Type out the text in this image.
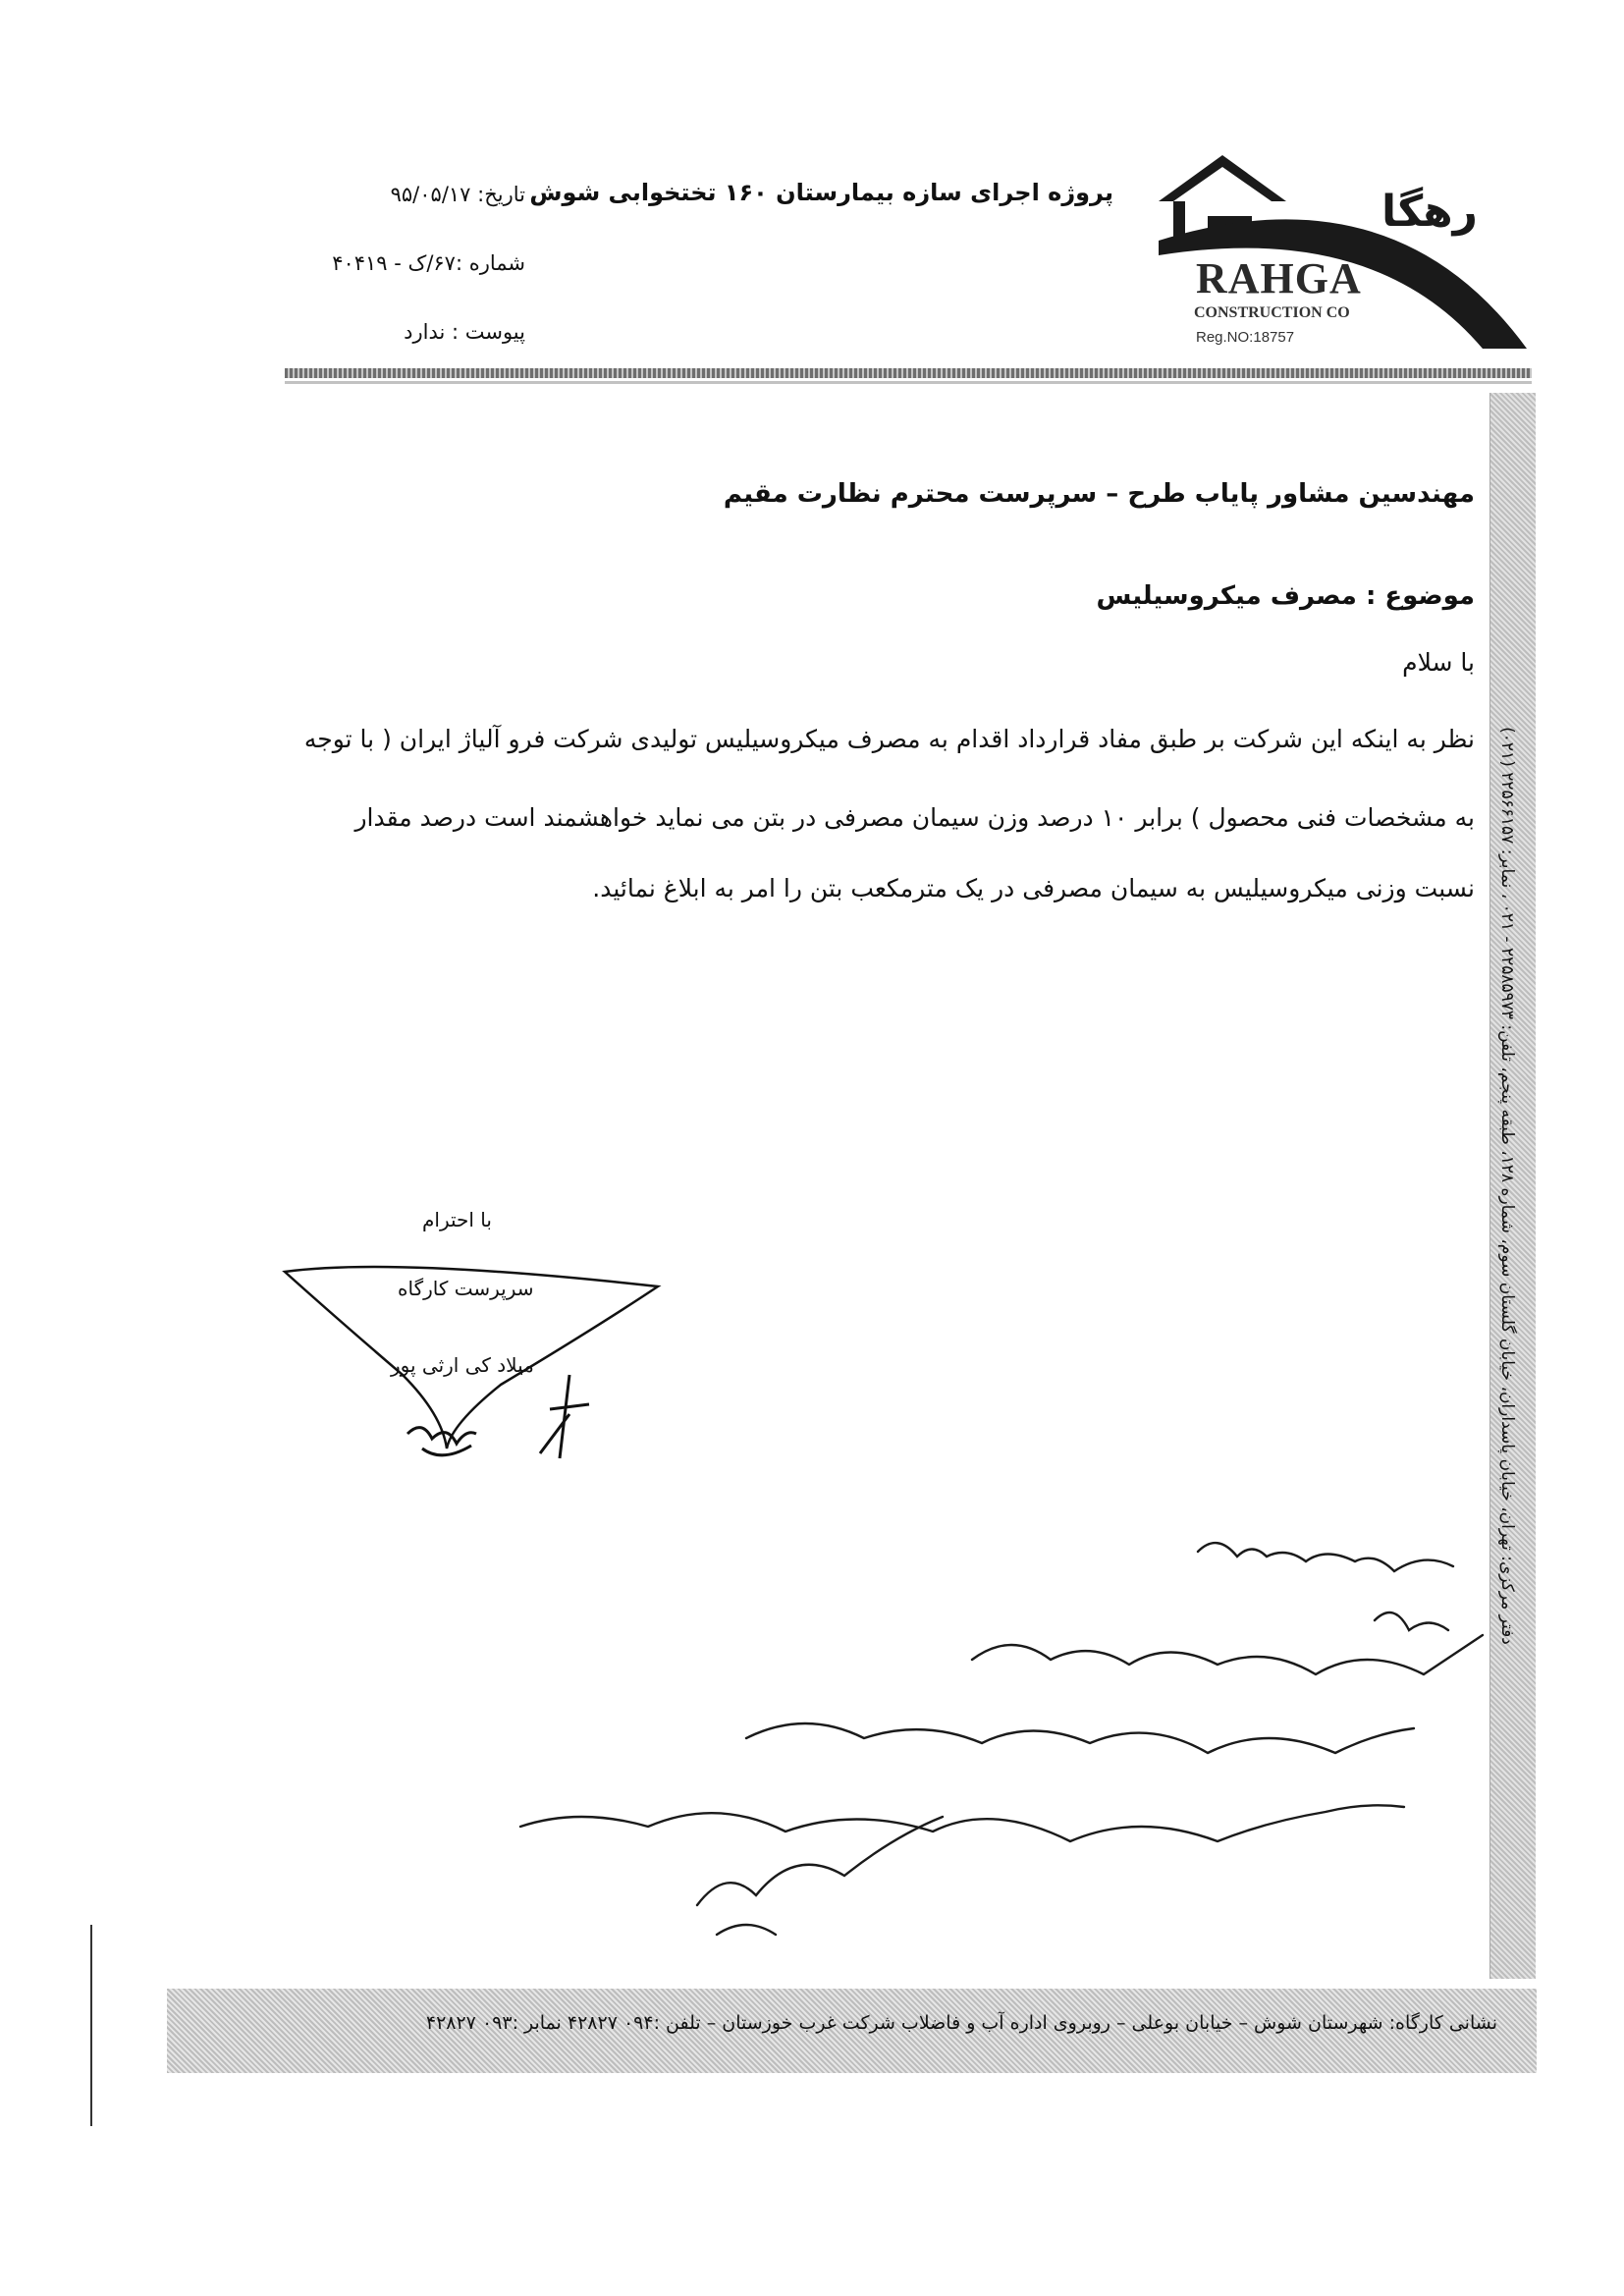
رهگا
RAHGA
CONSTRUCTION CO
Reg.NO:18757
پروژه اجرای سازه بیمارستان ۱۶۰ تختخوابی شوش
تاریخ: ۹۵/۰۵/۱۷
شماره :۶۷/ک - ۴۰۴۱۹
پیوست : ندارد
دفتر مرکزی: تهران، خیابان پاسداران، خیابان گلستان سوم، شماره ۱۲۸، طبقه پنجم، تلفن: ۲۲۵۸۵۹۷۳ - ۰۲۱ ، نمابر: ۲۲۵۶۶۱۵۷ (۰۲۱)
مهندسین مشاور پایاب طرح – سرپرست محترم نظارت مقیم
موضوع : مصرف میکروسیلیس
با سلام
نظر به اینکه این شرکت بر طبق مفاد قرارداد اقدام به مصرف میکروسیلیس تولیدی شرکت فرو آلیاژ ایران ( با توجه
به مشخصات فنی محصول ) برابر ۱۰ درصد وزن سیمان مصرفی در بتن می نماید خواهشمند است درصد مقدار
نسبت وزنی میکروسیلیس به سیمان مصرفی در یک مترمکعب بتن را امر به ابلاغ نمائید.
با احترام
سرپرست کارگاه
میلاد کی ارثی پور
نشانی کارگاه: شهرستان شوش – خیابان بوعلی – روبروی اداره آب و فاضلاب شرکت غرب خوزستان – تلفن :۰۹۴ ۴۲۸۲۷ نمابر :۰۹۳ ۴۲۸۲۷
